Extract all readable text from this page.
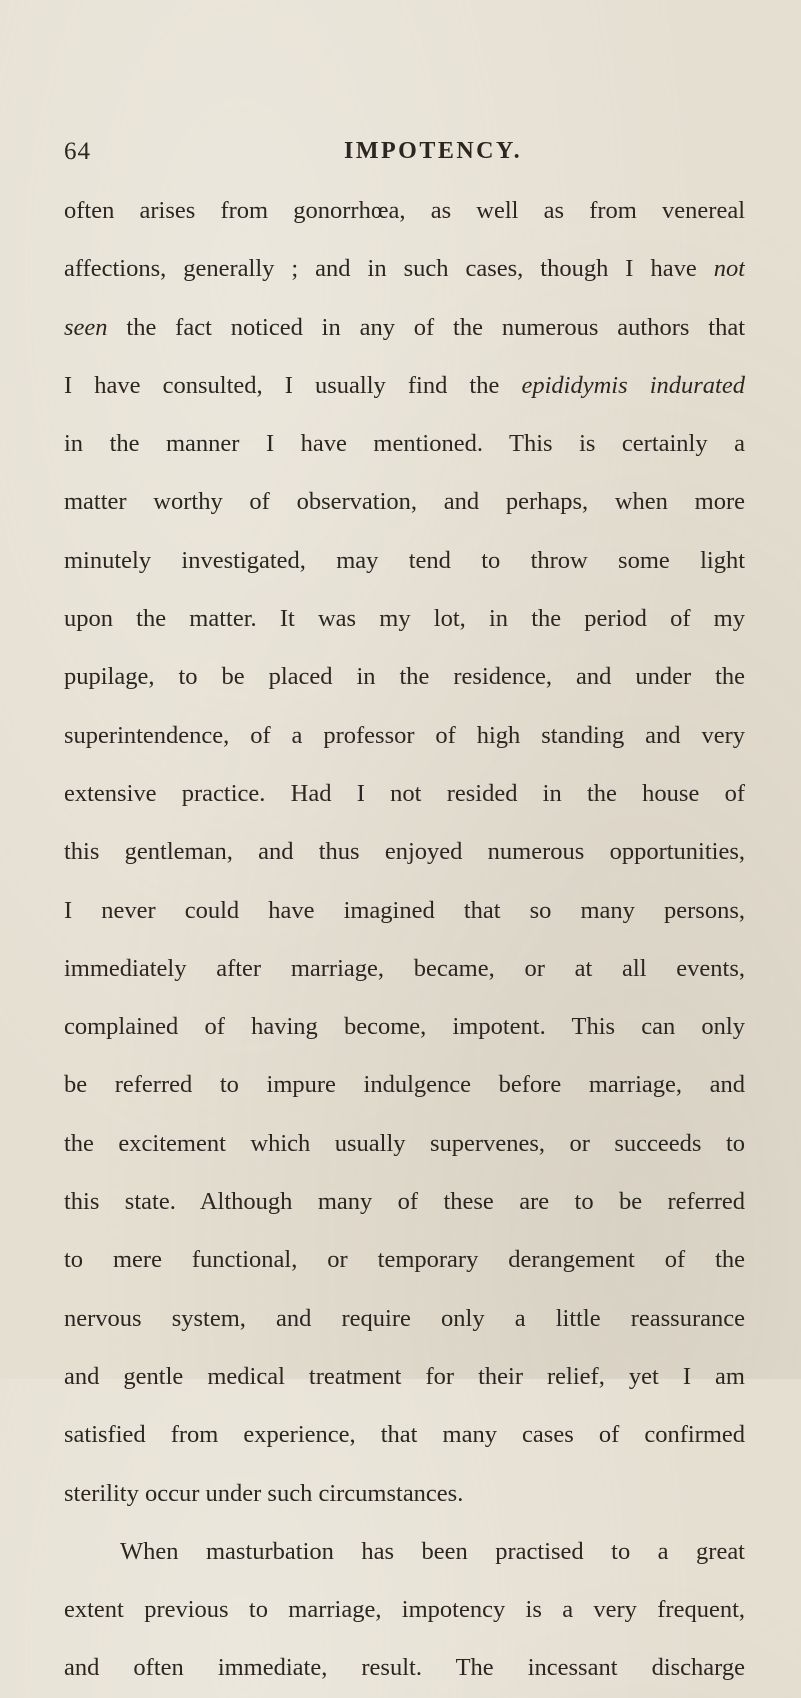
64	IMPOTENCY.
often arises from gonorrhœa, as well as from venereal
affections, generally ; and in such cases, though I have not
seen the fact noticed in any of the numerous authors that
I have consulted, I usually find the epididymis indurated
in the manner I have mentioned. This is certainly a
matter worthy of observation, and perhaps, when more
minutely investigated, may tend to throw some light
upon the matter. It was my lot, in the period of my
pupilage, to be placed in the residence, and under the
superintendence, of a professor of high standing and very
extensive practice. Had I not resided in the house of
this gentleman, and thus enjoyed numerous opportunities,
I never could have imagined that so many persons,
immediately after marriage, became, or at all events,
complained of having become, impotent. This can only
be referred to impure indulgence before marriage, and
the excitement which usually supervenes, or succeeds to
this state. Although many of these are to be referred
to mere functional, or temporary derangement of the
nervous system, and require only a little reassurance
and gentle medical treatment for their relief, yet I am
satisfied from experience, that many cases of confirmed
sterility occur under such circumstances.
When masturbation has been practised to a great
extent previous to marriage, impotency is a very frequent,
and often immediate, result. The incessant discharge
